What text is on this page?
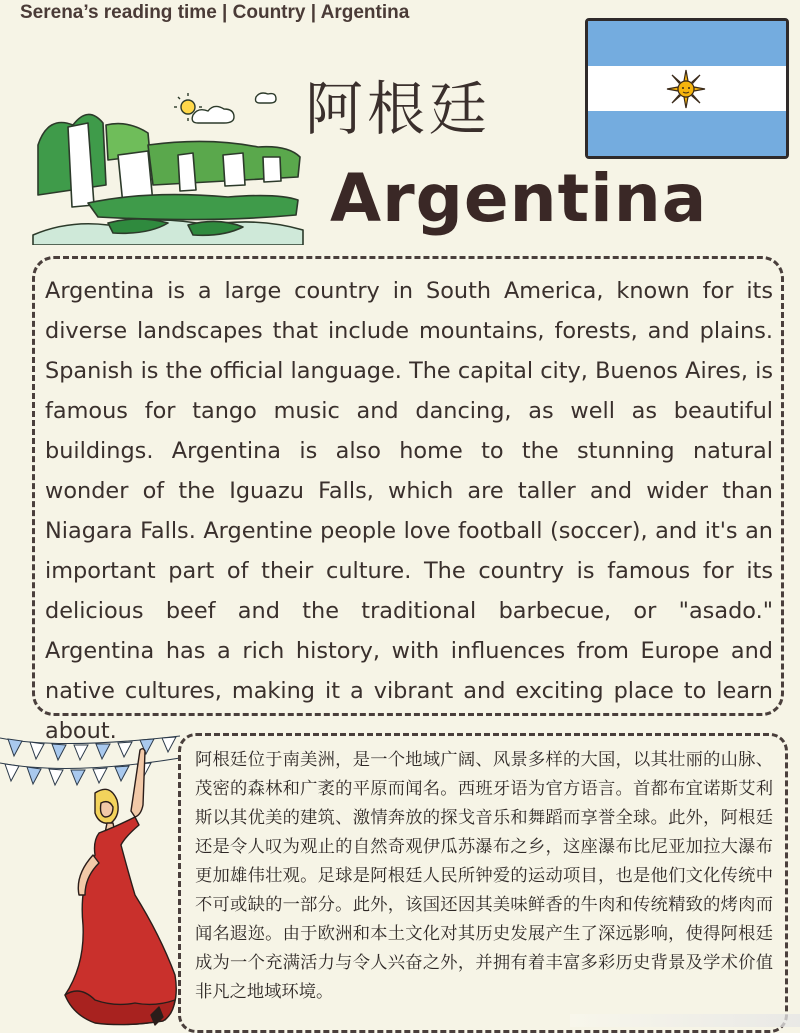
Serena’s reading time | Country | Argentina
阿根廷
Argentina

Argentina is a large country in South America, known for its diverse landscapes that include mountains, forests, and plains. Spanish is the official language. The capital city, Buenos Aires, is famous for tango music and dancing, as well as beautiful buildings. Argentina is also home to the stunning natural wonder of the Iguazu Falls, which are taller and wider than Niagara Falls. Argentine people love football (soccer), and it's an important part of their culture. The country is famous for its delicious beef and the traditional barbecue, or "asado." Argentina has a rich history, with influences from Europe and native cultures, making it a vibrant and exciting place to learn about.

阿根廷位于南美洲，是一个地域广阔、风景多样的大国，以其壮丽的山脉、茂密的森林和广袤的平原而闻名。西班牙语为官方语言。首都布宜诺斯艾利斯以其优美的建筑、激情奔放的探戈音乐和舞蹈而享誉全球。此外，阿根廷还是令人叹为观止的自然奇观伊瓜苏瀑布之乡，这座瀑布比尼亚加拉大瀑布更加雄伟壮观。足球是阿根廷人民所钟爱的运动项目，也是他们文化传统中不可或缺的一部分。此外，该国还因其美味鲜香的牛肉和传统精致的烤肉而闻名遐迩。由于欧洲和本土文化对其历史发展产生了深远影响，使得阿根廷成为一个充满活力与令人兴奋之外，并拥有着丰富多彩历史背景及学术价值非凡之地域环境。
